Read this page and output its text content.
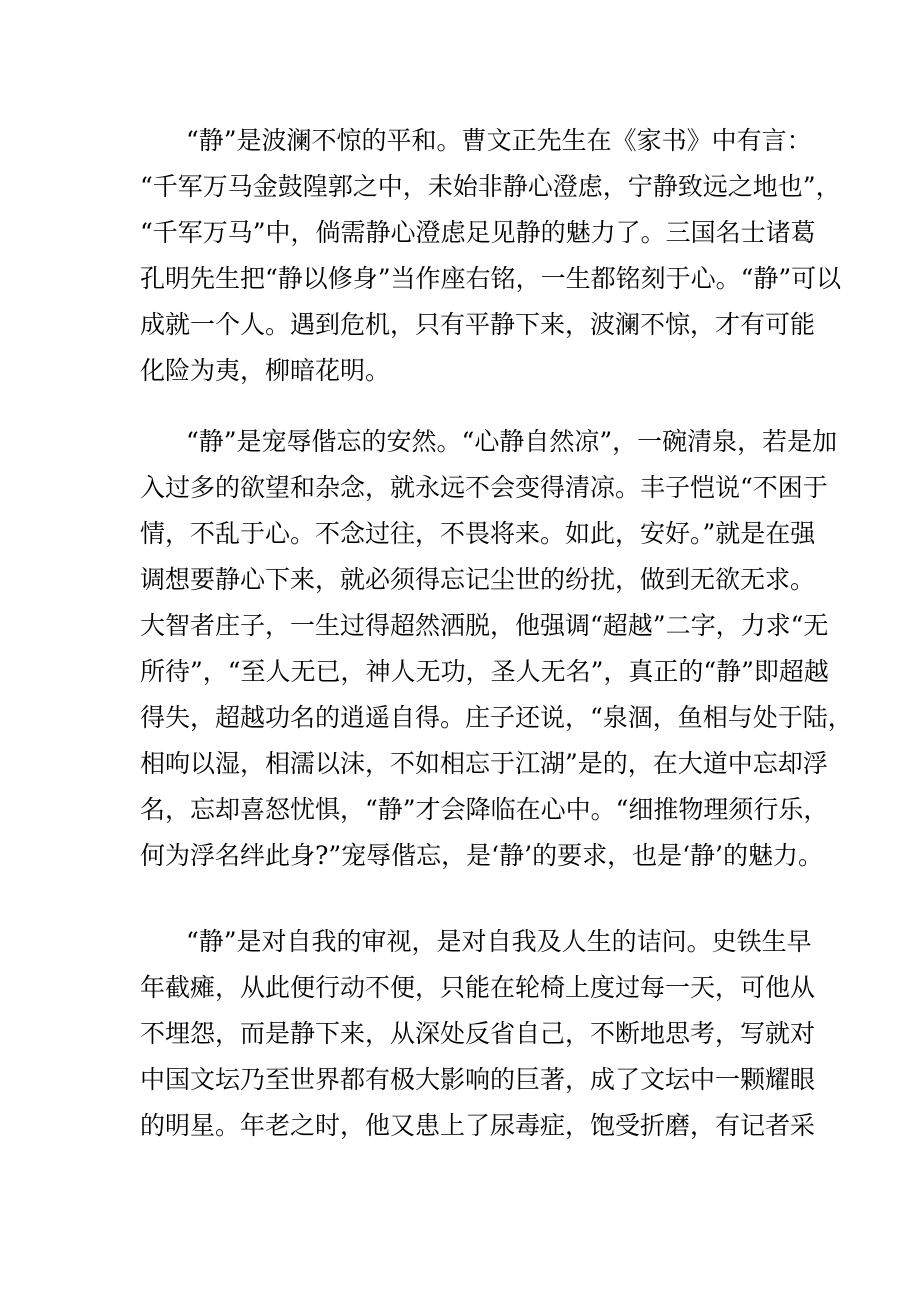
“静”是波澜不惊的平和。曹文正先生在《家书》中有言：
“千军万马金鼓隍郭之中，未始非静心澄虑，宁静致远之地也”，
“千军万马”中，倘需静心澄虑足见静的魅力了。三国名士诸葛
孔明先生把“静以修身”当作座右铭，一生都铭刻于心。“静”可以
成就一个人。遇到危机，只有平静下来，波澜不惊，才有可能
化险为夷，柳暗花明。
“静”是宠辱偕忘的安然。“心静自然凉”，一碗清泉，若是加
入过多的欲望和杂念，就永远不会变得清凉。丰子恺说“不困于
情，不乱于心。不念过往，不畏将来。如此，安好。”就是在强
调想要静心下来，就必须得忘记尘世的纷扰，做到无欲无求。
大智者庄子，一生过得超然洒脱，他强调“超越”二字，力求“无
所待”，“至人无已，神人无功，圣人无名”，真正的“静”即超越
得失，超越功名的逍遥自得。庄子还说，“泉涸，鱼相与处于陆，
相呴以湿，相濡以沫，不如相忘于江湖”是的，在大道中忘却浮
名，忘却喜怒忧惧，“静”才会降临在心中。“细推物理须行乐，
何为浮名绊此身?”宠辱偕忘，是‘静’的要求，也是‘静’的魅力。
“静”是对自我的审视，是对自我及人生的诘问。史铁生早
年截瘫，从此便行动不便，只能在轮椅上度过每一天，可他从
不埋怨，而是静下来，从深处反省自己，不断地思考，写就对
中国文坛乃至世界都有极大影响的巨著，成了文坛中一颗耀眼
的明星。年老之时，他又患上了尿毒症，饱受折磨，有记者采
